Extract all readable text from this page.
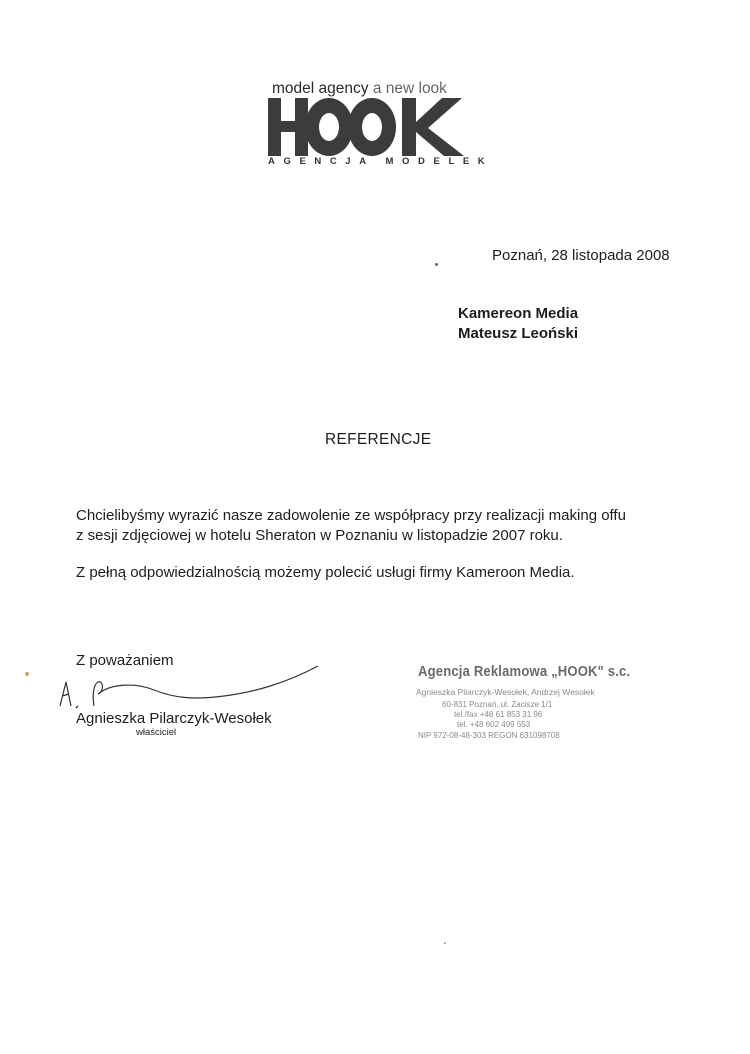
model agency a new look
AGENCJA MODELEK
Poznań, 28 listopada 2008
Kamereon Media
Mateusz Leoński
REFERENCJE
Chcielibyśmy wyrazić nasze zadowolenie ze współpracy przy realizacji making offu
z sesji zdjęciowej w hotelu Sheraton w Poznaniu w listopadzie 2007 roku.
Z pełną odpowiedzialnością możemy polecić usługi firmy Kameroon Media.
Z poważaniem
Agnieszka Pilarczyk-Wesołek
właściciel
Agencja Reklamowa „HOOK" s.c.
Agnieszka Pilarczyk-Wesołek, Andrzej Wesołek
60-831 Poznań, ul. Zacisze 1/1
tel./fax +48 61 853 31 96
tel. +48 602 499 553
NIP 972-08-48-303 REGON 631098708
